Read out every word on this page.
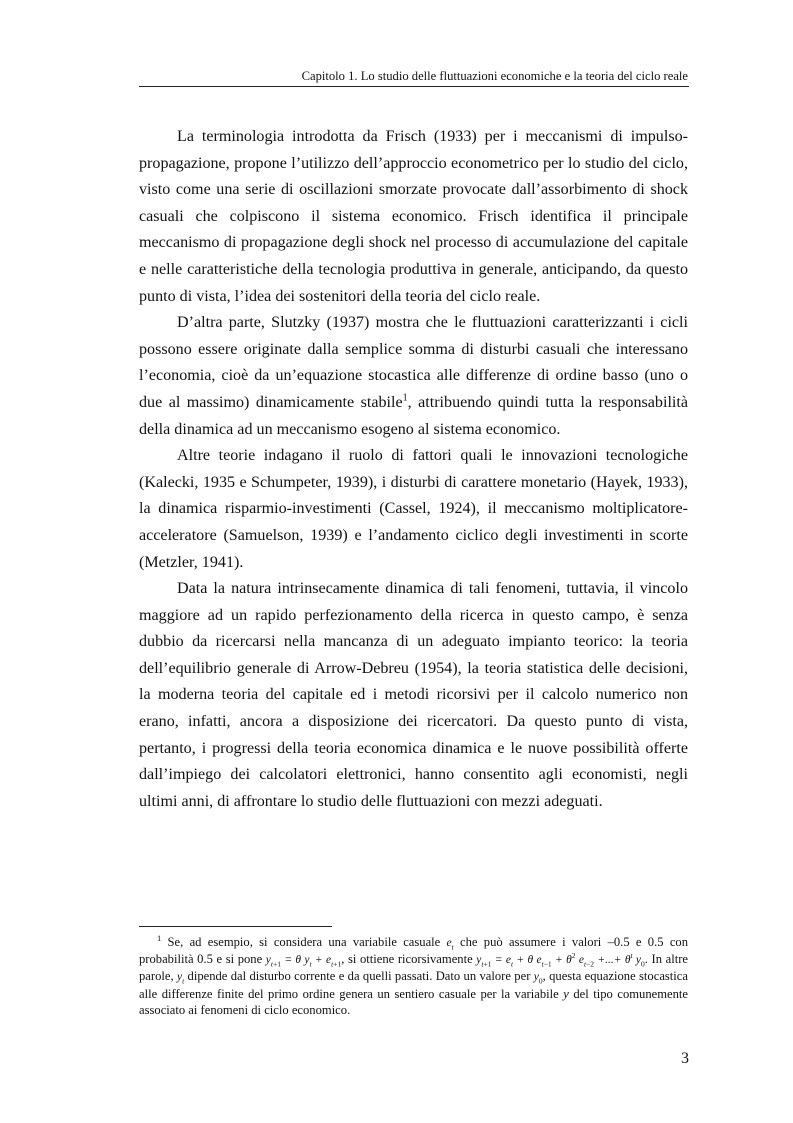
Capitolo 1. Lo studio delle fluttuazioni economiche e la teoria del ciclo reale

La terminologia introdotta da Frisch (1933) per i meccanismi di impulso-propagazione, propone l’utilizzo dell’approccio econometrico per lo studio del ciclo, visto come una serie di oscillazioni smorzate provocate dall’assorbimento di shock casuali che colpiscono il sistema economico. Frisch identifica il principale meccanismo di propagazione degli shock nel processo di accumulazione del capitale e nelle caratteristiche della tecnologia produttiva in generale, anticipando, da questo punto di vista, l’idea dei sostenitori della teoria del ciclo reale.

D’altra parte, Slutzky (1937) mostra che le fluttuazioni caratterizzanti i cicli possono essere originate dalla semplice somma di disturbi casuali che interessano l’economia, cioè da un’equazione stocastica alle differenze di ordine basso (uno o due al massimo) dinamicamente stabile$^1$, attribuendo quindi tutta la responsabilità della dinamica ad un meccanismo esogeno al sistema economico.

Altre teorie indagano il ruolo di fattori quali le innovazioni tecnologiche (Kalecki, 1935 e Schumpeter, 1939), i disturbi di carattere monetario (Hayek, 1933), la dinamica risparmio-investimenti (Cassel, 1924), il meccanismo moltiplicatore-acceleratore (Samuelson, 1939) e l’andamento ciclico degli investimenti in scorte (Metzler, 1941).

Data la natura intrinsecamente dinamica di tali fenomeni, tuttavia, il vincolo maggiore ad un rapido perfezionamento della ricerca in questo campo, è senza dubbio da ricercarsi nella mancanza di un adeguato impianto teorico: la teoria dell’equilibrio generale di Arrow-Debreu (1954), la teoria statistica delle decisioni, la moderna teoria del capitale ed i metodi ricorsivi per il calcolo numerico non erano, infatti, ancora a disposizione dei ricercatori. Da questo punto di vista, pertanto, i progressi della teoria economica dinamica e le nuove possibilità offerte dall’impiego dei calcolatori elettronici, hanno consentito agli economisti, negli ultimi anni, di affrontare lo studio delle fluttuazioni con mezzi adeguati.

$^1$ Se, ad esempio, si considera una variabile casuale $e_t$ che può assumere i valori –0.5 e 0.5 con probabilità 0.5 e si pone $y_{t+1} = \theta$ $y_t + e_{t+1}$, si ottiene ricorsivamente $y_{t+1} = e_t + \theta$ $e_{t-1} + \theta^2$ $e_{t-2}$ +...+ $\theta^t$ $y_0$. In altre parole, $y_t$ dipende dal disturbo corrente e da quelli passati. Dato un valore per $y_0$, questa equazione stocastica alle differenze finite del primo ordine genera un sentiero casuale per la variabile y del tipo comunemente associato ai fenomeni di ciclo economico.

3
